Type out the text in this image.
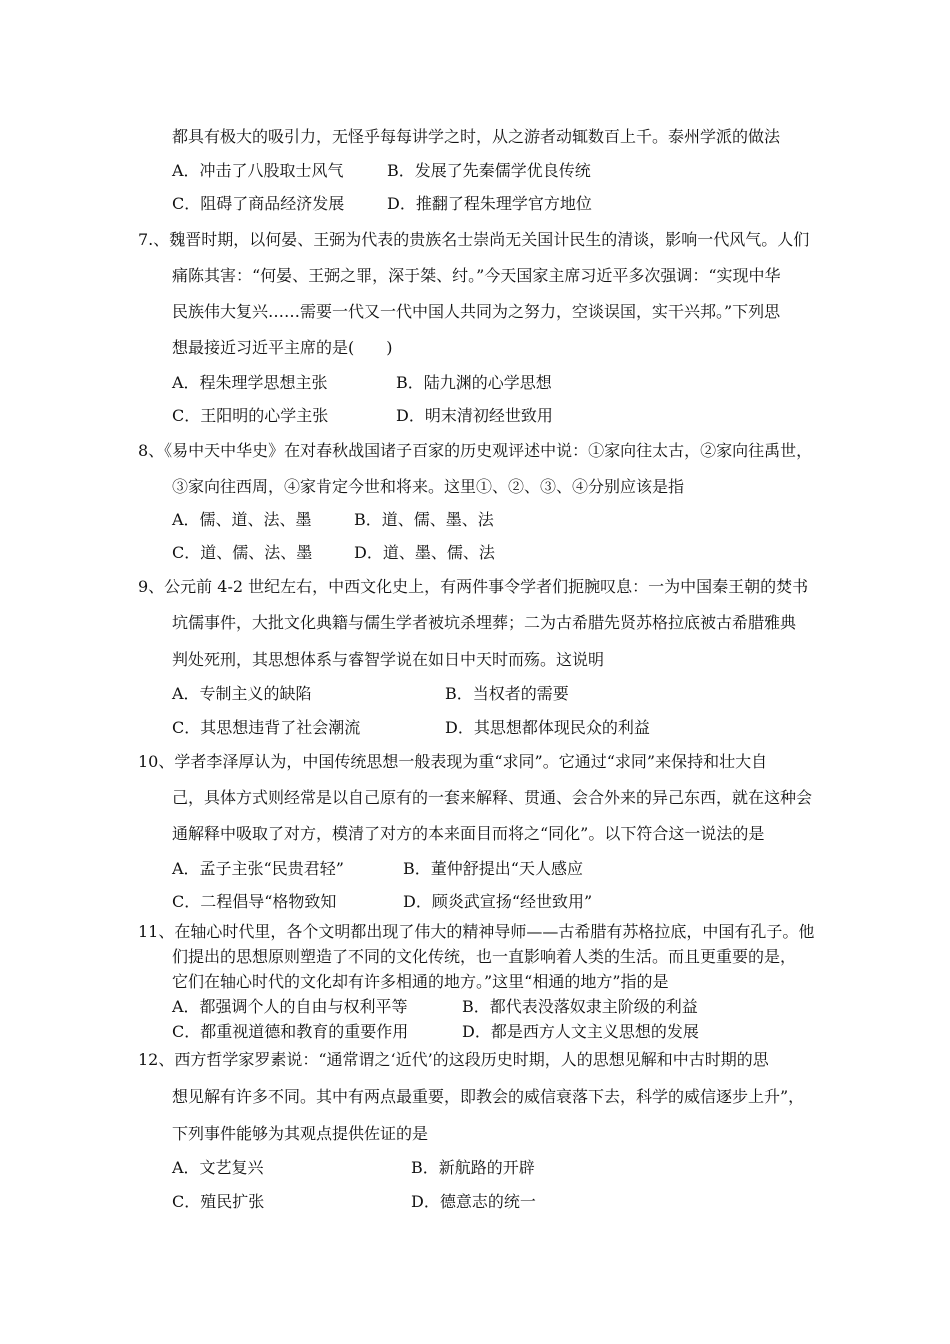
都具有极大的吸引力，无怪乎每每讲学之时，从之游者动辄数百上千。泰州学派的做法
A．冲击了八股取士风气	B．发展了先秦儒学优良传统
C．阻碍了商品经济发展	D．推翻了程朱理学官方地位
7.、魏晋时期，以何晏、王弼为代表的贵族名士崇尚无关国计民生的清谈，影响一代风气。人们
痛陈其害：“何晏、王弼之罪，深于桀、纣。”今天国家主席习近平多次强调：“实现中华
民族伟大复兴……需要一代又一代中国人共同为之努力，空谈误国，实干兴邦。”下列思
想最接近习近平主席的是(　　)
A．程朱理学思想主张	B．陆九渊的心学思想
C．王阳明的心学主张	D．明末清初经世致用
8、《易中天中华史》在对春秋战国诸子百家的历史观评述中说：①家向往太古，②家向往禹世，
③家向往西周，④家肯定今世和将来。这里①、②、③、④分别应该是指
A．儒、道、法、墨	B．道、儒、墨、法
C．道、儒、法、墨	D．道、墨、儒、法
9、公元前 4-2 世纪左右，中西文化史上，有两件事令学者们扼腕叹息：一为中国秦王朝的焚书
坑儒事件，大批文化典籍与儒生学者被坑杀埋葬；二为古希腊先贤苏格拉底被古希腊雅典
判处死刑，其思想体系与睿智学说在如日中天时而殇。这说明
A．专制主义的缺陷	B．当权者的需要
C．其思想违背了社会潮流	D．其思想都体现民众的利益
10、学者李泽厚认为，中国传统思想一般表现为重“求同”。它通过“求同”来保持和壮大自
己，具体方式则经常是以自己原有的一套来解释、贯通、会合外来的异己东西，就在这种会
通解释中吸取了对方，模清了对方的本来面目而将之“同化”。以下符合这一说法的是
A．孟子主张“民贵君轻”	B．董仲舒提出“天人感应
C．二程倡导“格物致知	D．顾炎武宣扬“经世致用”
11、在轴心时代里，各个文明都出现了伟大的精神导师——古希腊有苏格拉底，中国有孔子。他
们提出的思想原则塑造了不同的文化传统，也一直影响着人类的生活。而且更重要的是，
它们在轴心时代的文化却有许多相通的地方。”这里“相通的地方”指的是
A．都强调个人的自由与权利平等	B．都代表没落奴隶主阶级的利益
C．都重视道德和教育的重要作用	D．都是西方人文主义思想的发展
12、西方哲学家罗素说：“通常谓之‘近代’的这段历史时期，人的思想见解和中古时期的思
想见解有许多不同。其中有两点最重要，即教会的威信衰落下去，科学的威信逐步上升”，
下列事件能够为其观点提供佐证的是
A．文艺复兴	B．新航路的开辟
C．殖民扩张	D．德意志的统一
